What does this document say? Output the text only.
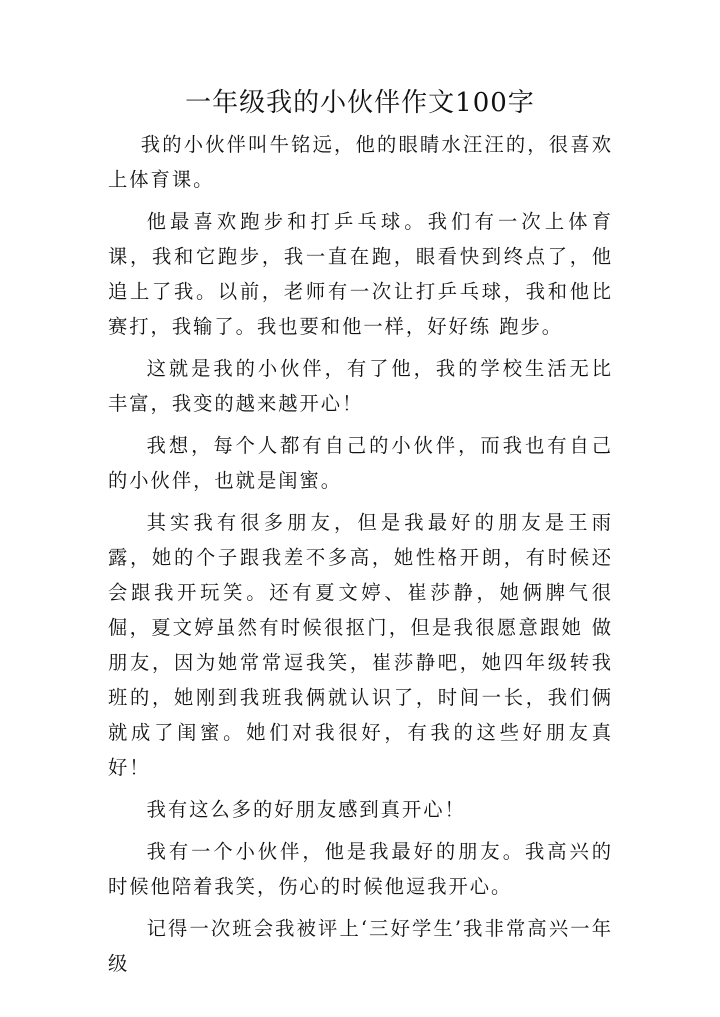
一年级我的小伙伴作文100字

我的小伙伴叫牛铭远，他的眼睛水汪汪的，很喜欢上体育课。

他最喜欢跑步和打乒乓球。我们有一次上体育课，我和它跑步，我一直在跑，眼看快到终点了，他追上了我。以前，老师有一次让打乒乓球，我和他比赛打，我输了。我也要和他一样，好好练 跑步。

这就是我的小伙伴，有了他，我的学校生活无比丰富，我变的越来越开心！

我想，每个人都有自己的小伙伴，而我也有自己的小伙伴，也就是闺蜜。

其实我有很多朋友，但是我最好的朋友是王雨露，她的个子跟我差不多高，她性格开朗，有时候还会跟我开玩笑。还有夏文婷、崔莎静，她俩脾气很倔，夏文婷虽然有时候很抠门，但是我很愿意跟她 做朋友，因为她常常逗我笑，崔莎静吧，她四年级转我班的，她刚到我班我俩就认识了，时间一长，我们俩就成了闺蜜。她们对我很好，有我的这些好朋友真好！

我有这么多的好朋友感到真开心！

我有一个小伙伴，他是我最好的朋友。我高兴的时候他陪着我笑，伤心的时候他逗我开心。

记得一次班会我被评上‘三好学生’我非常高兴一年级
